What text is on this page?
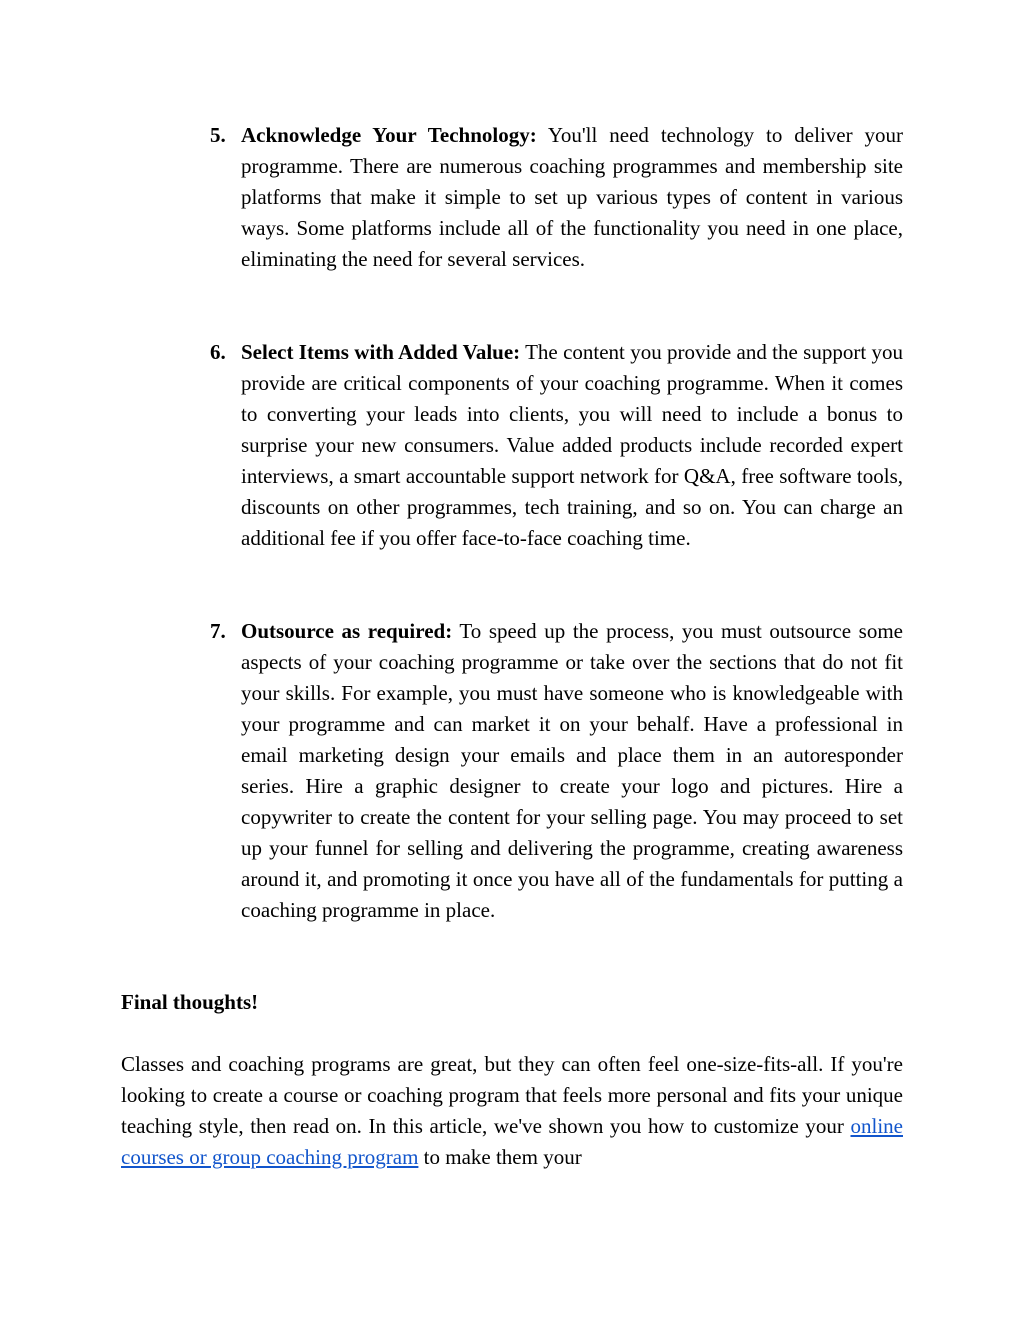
5. Acknowledge Your Technology: You'll need technology to deliver your programme. There are numerous coaching programmes and membership site platforms that make it simple to set up various types of content in various ways. Some platforms include all of the functionality you need in one place, eliminating the need for several services.
6. Select Items with Added Value: The content you provide and the support you provide are critical components of your coaching programme. When it comes to converting your leads into clients, you will need to include a bonus to surprise your new consumers. Value added products include recorded expert interviews, a smart accountable support network for Q&A, free software tools, discounts on other programmes, tech training, and so on. You can charge an additional fee if you offer face-to-face coaching time.
7. Outsource as required: To speed up the process, you must outsource some aspects of your coaching programme or take over the sections that do not fit your skills. For example, you must have someone who is knowledgeable with your programme and can market it on your behalf. Have a professional in email marketing design your emails and place them in an autoresponder series. Hire a graphic designer to create your logo and pictures. Hire a copywriter to create the content for your selling page. You may proceed to set up your funnel for selling and delivering the programme, creating awareness around it, and promoting it once you have all of the fundamentals for putting a coaching programme in place.
Final thoughts!
Classes and coaching programs are great, but they can often feel one-size-fits-all. If you're looking to create a course or coaching program that feels more personal and fits your unique teaching style, then read on. In this article, we've shown you how to customize your online courses or group coaching program to make them your
